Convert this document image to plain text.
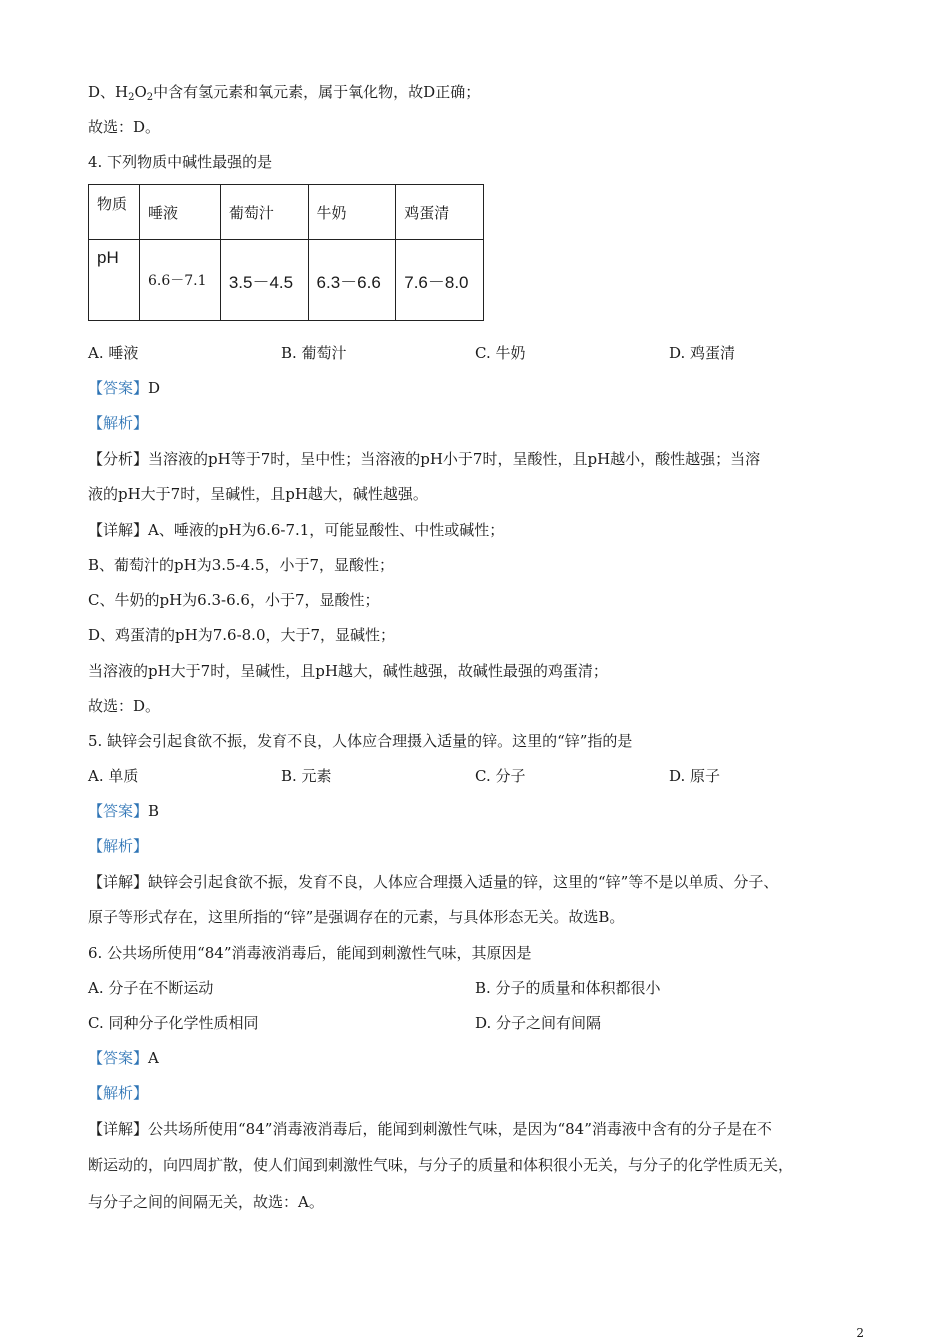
D、$H_2O_2$中含有氢元素和氧元素，属于氧化物，故D正确；
故选：D。
4. 下列物质中碱性最强的是
物质	唾液	葡萄汁	牛奶	鸡蛋清
pH	6.6－7.1	3.5－4.5	6.3－6.6	7.6－8.0
A. 唾液	B. 葡萄汁	C. 牛奶	D. 鸡蛋清
【答案】D
【解析】
【分析】当溶液的pH等于7时，呈中性；当溶液的pH小于7时，呈酸性，且pH越小，酸性越强；当溶
液的pH大于7时，呈碱性，且pH越大，碱性越强。
【详解】A、唾液的pH为6.6-7.1，可能显酸性、中性或碱性；
B、葡萄汁的pH为3.5-4.5，小于7，显酸性；
C、牛奶的pH为6.3-6.6，小于7，显酸性；
D、鸡蛋清的pH为7.6-8.0，大于7，显碱性；
当溶液的pH大于7时，呈碱性，且pH越大，碱性越强，故碱性最强的鸡蛋清；
故选：D。
5. 缺锌会引起食欲不振，发育不良，人体应合理摄入适量的锌。这里的“锌”指的是
A. 单质	B. 元素	C. 分子	D. 原子
【答案】B
【解析】
【详解】缺锌会引起食欲不振，发育不良，人体应合理摄入适量的锌，这里的“锌”等不是以单质、分子、
原子等形式存在，这里所指的“锌”是强调存在的元素，与具体形态无关。故选B。
6. 公共场所使用“84”消毒液消毒后，能闻到刺激性气味，其原因是
A. 分子在不断运动	B. 分子的质量和体积都很小
C. 同种分子化学性质相同	D. 分子之间有间隔
【答案】A
【解析】
【详解】公共场所使用“84”消毒液消毒后，能闻到刺激性气味，是因为“84”消毒液中含有的分子是在不
断运动的，向四周扩散，使人们闻到刺激性气味，与分子的质量和体积很小无关，与分子的化学性质无关，
与分子之间的间隔无关，故选：A。
2
